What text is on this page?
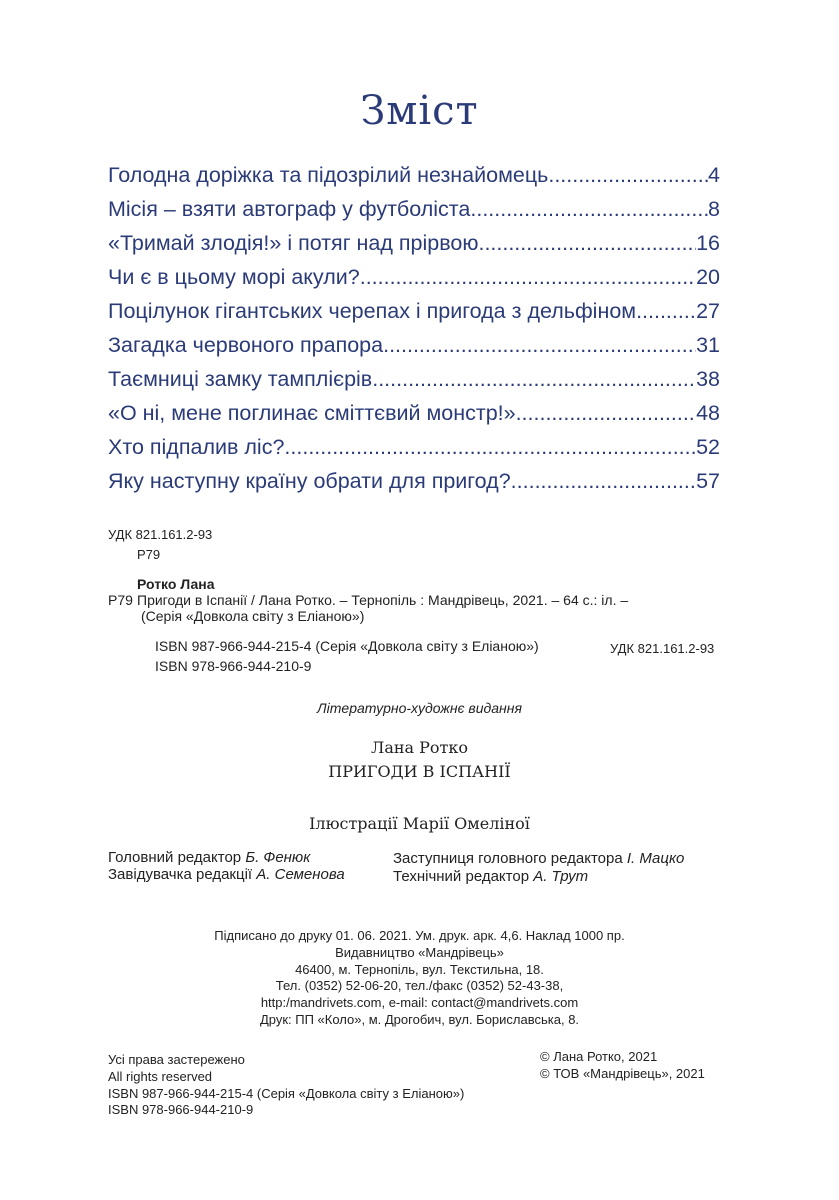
Зміст
Голодна доріжка та підозрілий незнайомець .....	4
Місія – взяти автограф у футболіста .....	8
«Тримай злодія!» і потяг над прірвою .....	16
Чи є в цьому морі акули? .....	20
Поцілунок гігантських черепах і пригода з дельфіном .....	27
Загадка червоного прапора .....	31
Таємниці замку тамплієрів .....	38
«О ні, мене поглинає сміттєвий монстр!» .....	48
Хто підпалив ліс? .....	52
Яку наступну країну обрати для пригод? .....	57
УДК 821.161.2-93
Р79
Ротко Лана
Р79 Пригоди в Іспанії / Лана Ротко. – Тернопіль : Мандрівець, 2021. – 64 с.: іл. –
(Серія «Довкола світу з Еліаною»)
ISBN 987-966-944-215-4 (Серія «Довкола світу з Еліаною»)
ISBN 978-966-944-210-9
УДК 821.161.2-93
Літературно-художнє видання
Лана Ротко
ПРИГОДИ В ІСПАНІЇ
Ілюстрації Марії Омеліної
Головний редактор Б. Фенюк
Завідувачка редакції А. Семенова
Заступниця головного редактора І. Мацко
Технічний редактор А. Трут
Підписано до друку 01. 06. 2021. Ум. друк. арк. 4,6. Наклад 1000 пр.
Видавництво «Мандрівець»
46400, м. Тернопіль, вул. Текстильна, 18.
Тел. (0352) 52-06-20, тел./факс (0352) 52-43-38,
http:/mandrivets.com, e-mail: contact@mandrivets.com
Друк: ПП «Коло», м. Дрогобич, вул. Бориславська, 8.
Усі права застережено
All rights reserved
ISBN 987-966-944-215-4 (Серія «Довкола світу з Еліаною»)
ISBN 978-966-944-210-9
© Лана Ротко, 2021
© ТОВ «Мандрівець», 2021
